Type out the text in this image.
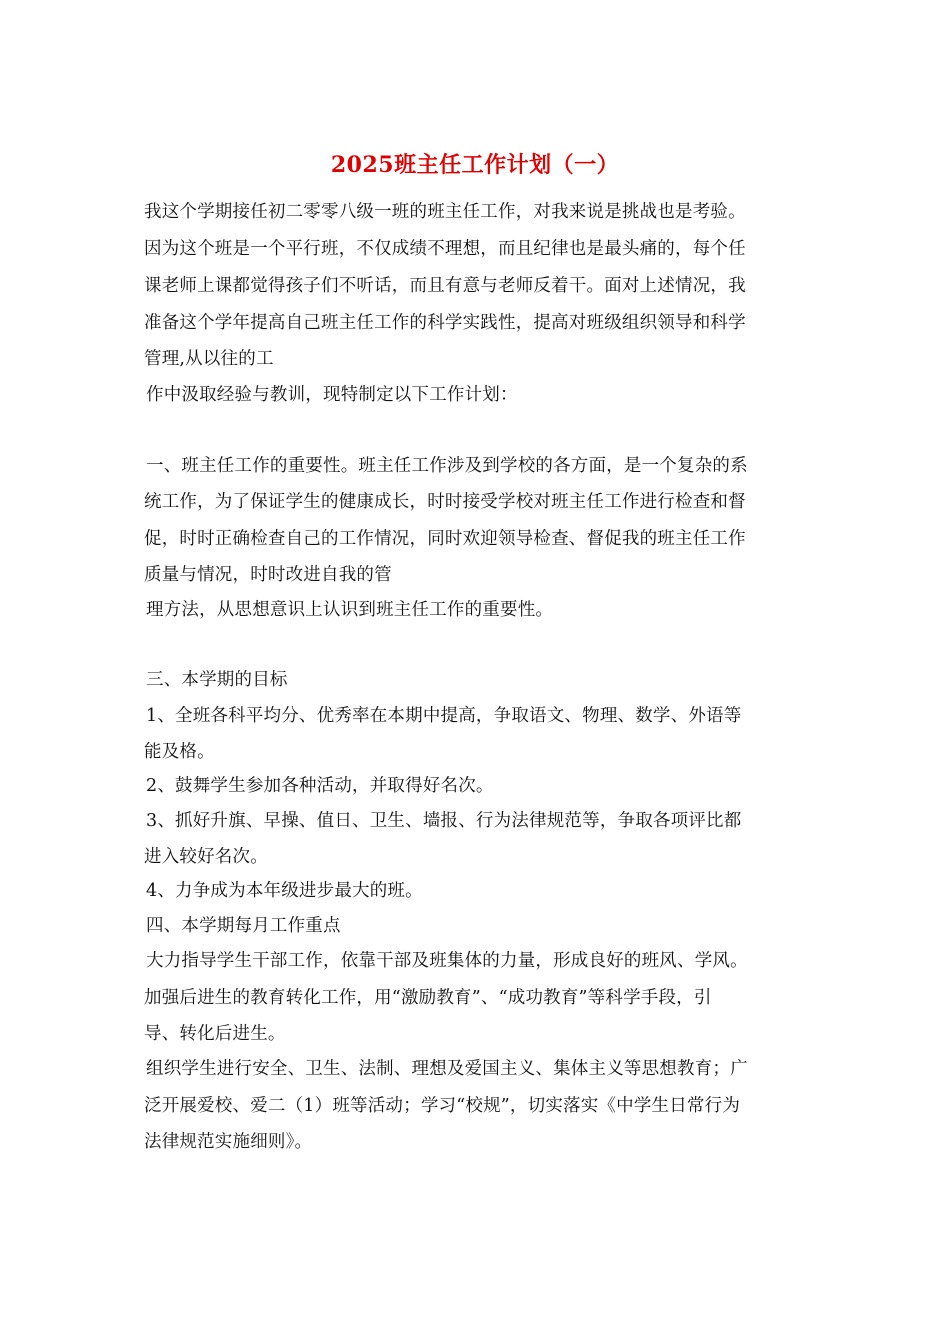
2025班主任工作计划（一）
我这个学期接任初二零零八级一班的班主任工作，对我来说是挑战也是考验。
因为这个班是一个平行班，不仅成绩不理想，而且纪律也是最头痛的，每个任
课老师上课都觉得孩子们不听话，而且有意与老师反着干。面对上述情况，我
准备这个学年提高自己班主任工作的科学实践性，提高对班级组织领导和科学
管理,从以往的工
作中汲取经验与教训，现特制定以下工作计划：
一、班主任工作的重要性。班主任工作涉及到学校的各方面，是一个复杂的系
统工作，为了保证学生的健康成长，时时接受学校对班主任工作进行检查和督
促，时时正确检查自己的工作情况，同时欢迎领导检查、督促我的班主任工作
质量与情况，时时改进自我的管
理方法，从思想意识上认识到班主任工作的重要性。
三、本学期的目标
1、全班各科平均分、优秀率在本期中提高，争取语文、物理、数学、外语等
能及格。
2、鼓舞学生参加各种活动，并取得好名次。
3、抓好升旗、早操、值日、卫生、墙报、行为法律规范等，争取各项评比都
进入较好名次。
4、力争成为本年级进步最大的班。
四、本学期每月工作重点
大力指导学生干部工作，依靠干部及班集体的力量，形成良好的班风、学风。
加强后进生的教育转化工作，用“激励教育”、“成功教育”等科学手段，引
导、转化后进生。
组织学生进行安全、卫生、法制、理想及爱国主义、集体主义等思想教育；广
泛开展爱校、爱二（1）班等活动；学习“校规”，切实落实《中学生日常行为
法律规范实施细则》。
